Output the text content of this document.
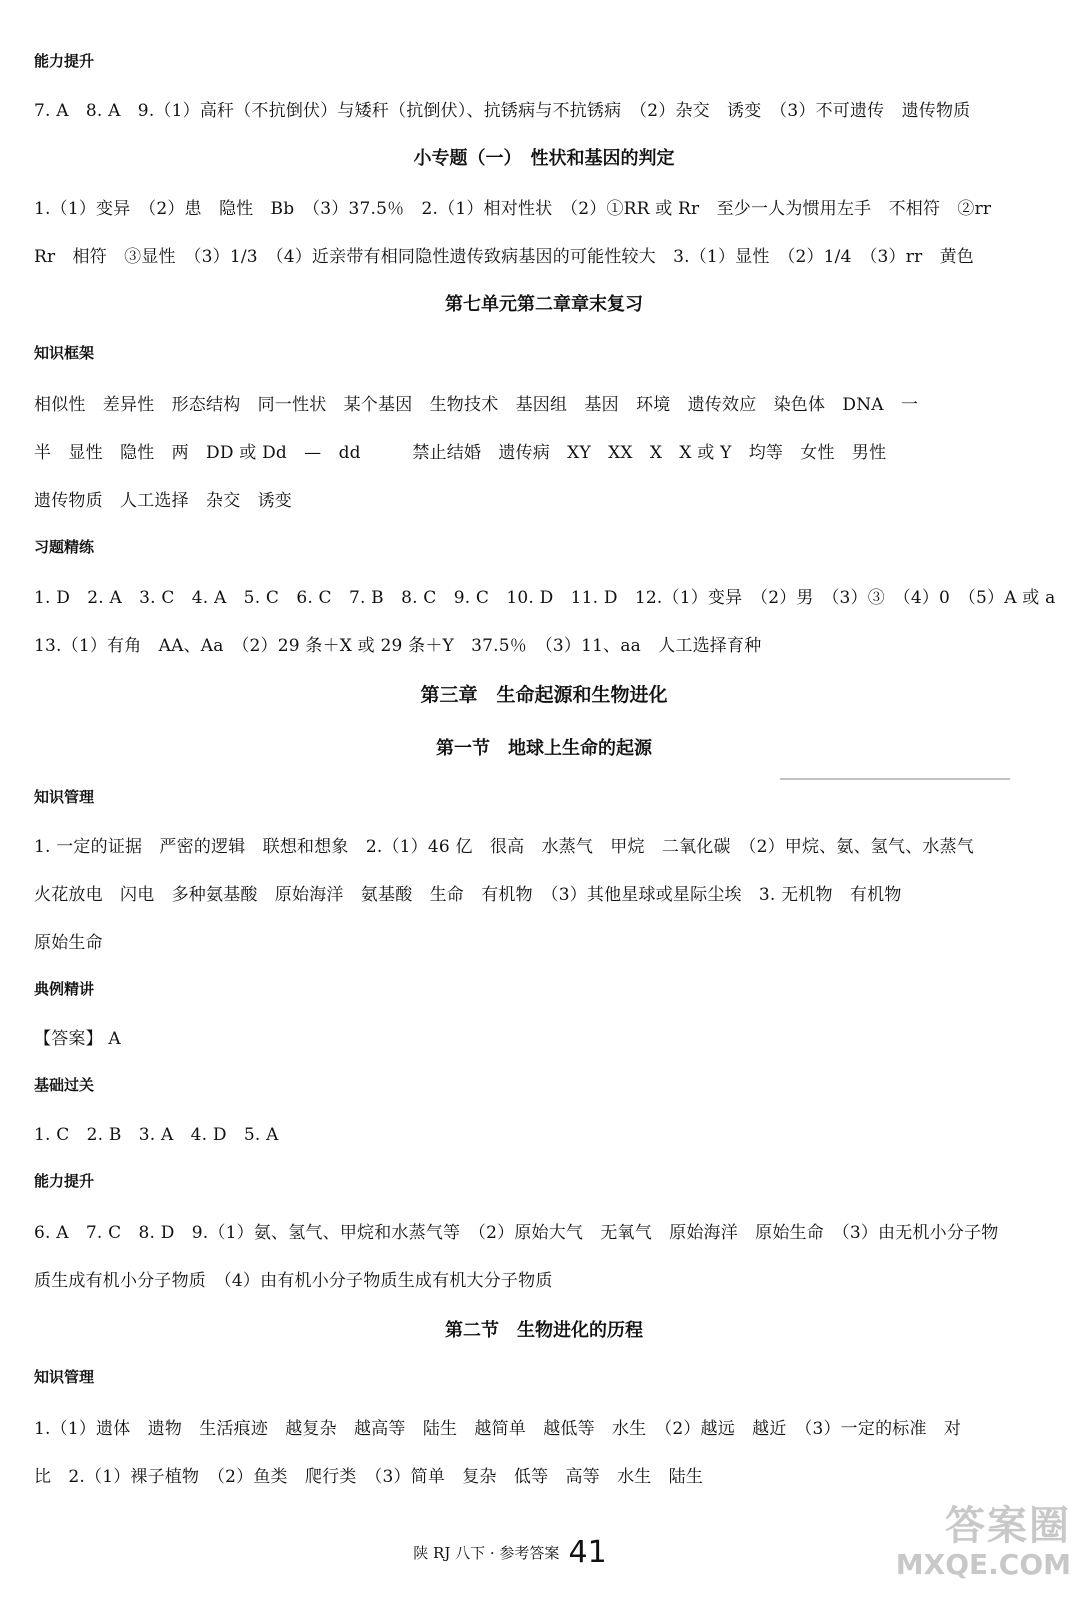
能力提升
7. A　8. A　9.（1）高秆（不抗倒伏）与矮秆（抗倒伏）、抗锈病与不抗锈病　（2）杂交　诱变　（3）不可遗传　遗传物质
小专题（一）　性状和基因的判定
1.（1）变异　（2）患　隐性　Bb　（3）37.5％　2.（1）相对性状　（2）①RR 或 Rr　至少一人为惯用左手　不相符　②rr
Rr　相符　③显性　（3）1/3　（4）近亲带有相同隐性遗传致病基因的可能性较大　3.（1）显性　（2）1/4　（3）rr　黄色
第七单元第二章章末复习
知识框架
相似性　差异性　形态结构　同一性状　某个基因　生物技术　基因组　基因　环境　遗传效应　染色体　DNA　一
半　显性　隐性　两　DD 或 Dd　—　dd　　　禁止结婚　遗传病　XY　XX　X　X 或 Y　均等　女性　男性
遗传物质　人工选择　杂交　诱变
习题精练
1. D　2. A　3. C　4. A　5. C　6. C　7. B　8. C　9. C　10. D　11. D　12.（1）变异　（2）男　（3）③　（4）0　（5）A 或 a
13.（1）有角　AA、Aa　（2）29 条＋X 或 29 条＋Y　37.5％　（3）11、aa　人工选择育种
第三章　生命起源和生物进化
第一节　地球上生命的起源
知识管理
1. 一定的证据　严密的逻辑　联想和想象　2.（1）46 亿　很高　水蒸气　甲烷　二氧化碳　（2）甲烷、氨、氢气、水蒸气
火花放电　闪电　多种氨基酸　原始海洋　氨基酸　生命　有机物　（3）其他星球或星际尘埃　3. 无机物　有机物
原始生命
典例精讲
【答案】 A
基础过关
1. C　2. B　3. A　4. D　5. A
能力提升
6. A　7. C　8. D　9.（1）氨、氢气、甲烷和水蒸气等　（2）原始大气　无氧气　原始海洋　原始生命　（3）由无机小分子物
质生成有机小分子物质　（4）由有机小分子物质生成有机大分子物质
第二节　生物进化的历程
知识管理
1.（1）遗体　遗物　生活痕迹　越复杂　越高等　陆生　越简单　越低等　水生　（2）越远　越近　（3）一定的标准　对
比　2.（1）裸子植物　（2）鱼类　爬行类　（3）简单　复杂　低等　高等　水生　陆生
陕 RJ 八下 · 参考答案 41
答案圈
MXQE.COM
